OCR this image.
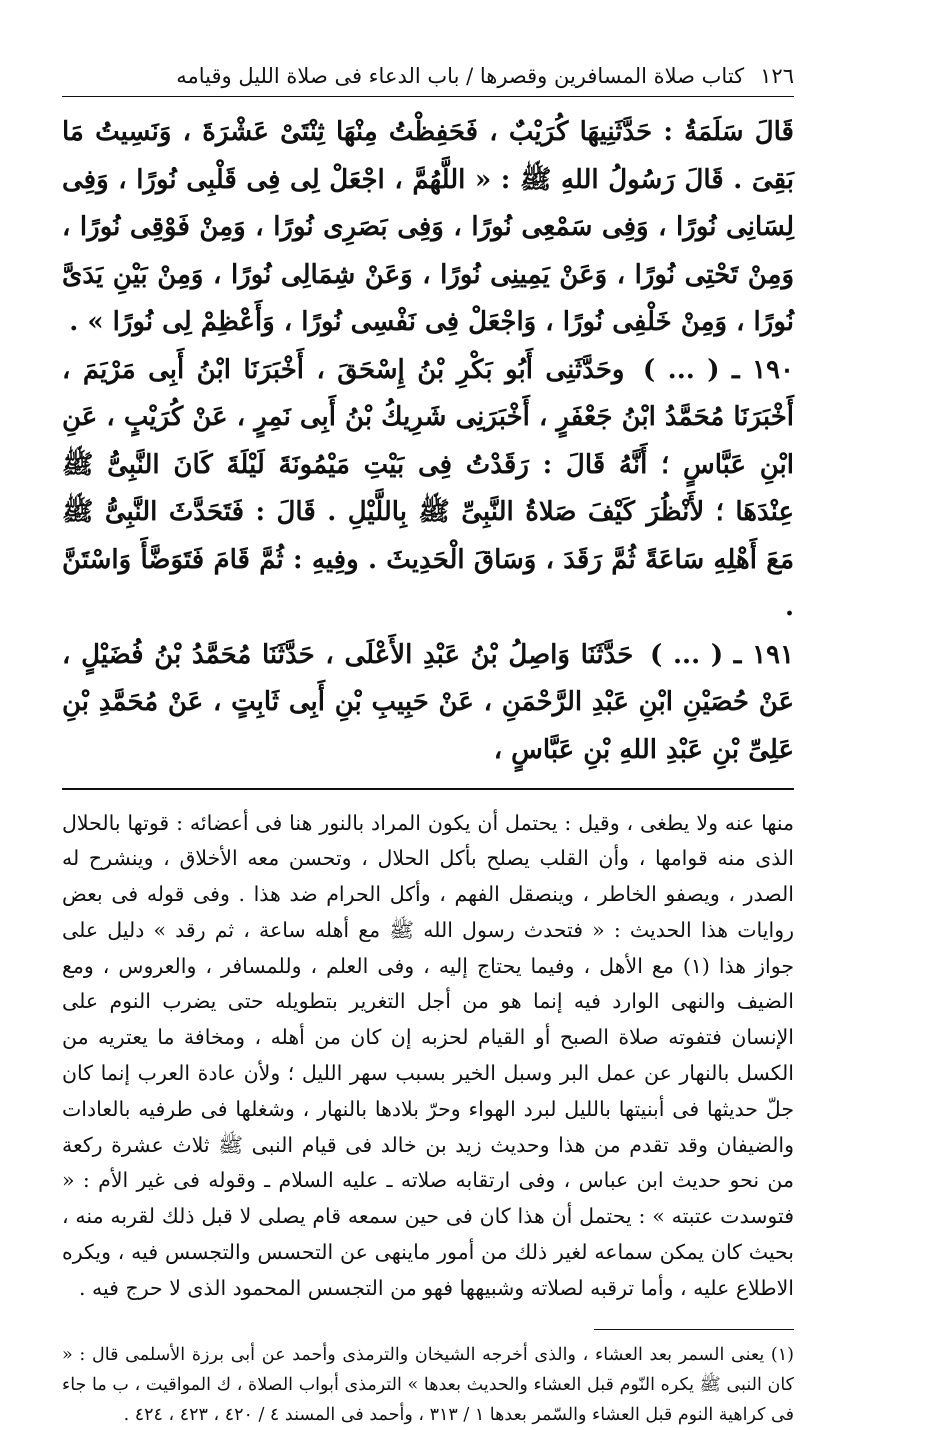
١٢٦
كتاب صلاة المسافرين وقصرها / باب الدعاء فى صلاة الليل وقيامه

قَالَ سَلَمَةُ : حَدَّثَنِيهَا كُرَيْبٌ ، فَحَفِظْتُ مِنْهَا ثِنْتَىْ عَشْرَةَ ، وَنَسِيتُ مَا بَقِىَ . قَالَ رَسُولُ اللهِ ﷺ : « اللَّهُمَّ ، اجْعَلْ لِى فِى قَلْبِى نُورًا ، وَفِى لِسَانِى نُورًا ، وَفِى سَمْعِى نُورًا ، وَفِى بَصَرِى نُورًا ، وَمِنْ فَوْقِى نُورًا ، وَمِنْ تَحْتِى نُورًا ، وَعَنْ يَمِينِى نُورًا ، وَعَنْ شِمَالِى نُورًا ، وَمِنْ بَيْنِ يَدَىَّ نُورًا ، وَمِنْ خَلْفِى نُورًا ، وَاجْعَلْ فِى نَفْسِى نُورًا ، وَأَعْظِمْ لِى نُورًا » .

١٩٠ ـ ( ... ) وحَدَّثَنِى أَبُو بَكْرِ بْنُ إِسْحَقَ ، أَخْبَرَنَا ابْنُ أَبِى مَرْيَمَ ، أَخْبَرَنَا مُحَمَّدُ ابْنُ جَعْفَرٍ ، أَخْبَرَنِى شَرِيكُ بْنُ أَبِى نَمِرٍ ، عَنْ كُرَيْبٍ ، عَنِ ابْنِ عَبَّاسٍ ؛ أَنَّهُ قَالَ : رَقَدْتُ فِى بَيْتِ مَيْمُونَةَ لَيْلَةَ كَانَ النَّبِىُّ ﷺ عِنْدَهَا ؛ لأَنْظُرَ كَيْفَ صَلاةُ النَّبِىِّ ﷺ بِاللَّيْلِ . قَالَ : فَتَحَدَّثَ النَّبِىُّ ﷺ مَعَ أَهْلِهِ سَاعَةً ثُمَّ رَقَدَ ، وَسَاقَ الْحَدِيثَ . وفِيهِ : ثُمَّ قَامَ فَتَوَضَّأَ وَاسْتَنَّ .

١٩١ ـ ( ... ) حَدَّثَنَا وَاصِلُ بْنُ عَبْدِ الأَعْلَى ، حَدَّثَنَا مُحَمَّدُ بْنُ فُضَيْلٍ ، عَنْ حُصَيْنِ ابْنِ عَبْدِ الرَّحْمَنِ ، عَنْ حَبِيبِ بْنِ أَبِى ثَابِتٍ ، عَنْ مُحَمَّدِ بْنِ عَلِىِّ بْنِ عَبْدِ اللهِ بْنِ عَبَّاسٍ ،

منها عنه ولا يطغى ، وقيل : يحتمل أن يكون المراد بالنور هنا فى أعضائه : قوتها بالحلال الذى منه قوامها ، وأن القلب يصلح بأكل الحلال ، وتحسن معه الأخلاق ، وينشرح له الصدر ، ويصفو الخاطر ، وينصقل الفهم ، وأكل الحرام ضد هذا . وفى قوله فى بعض روايات هذا الحديث : « فتحدث رسول الله ﷺ مع أهله ساعة ، ثم رقد » دليل على جواز هذا (١) مع الأهل ، وفيما يحتاج إليه ، وفى العلم ، وللمسافر ، والعروس ، ومع الضيف والنهى الوارد فيه إنما هو من أجل التغرير بتطويله حتى يضرب النوم على الإنسان فتفوته صلاة الصبح أو القيام لحزبه إن كان من أهله ، ومخافة ما يعتريه من الكسل بالنهار عن عمل البر وسبل الخير بسبب سهر الليل ؛ ولأن عادة العرب إنما كان جلّ حديثها فى أبنيتها بالليل لبرد الهواء وحرّ بلادها بالنهار ، وشغلها فى طرفيه بالعادات والضيفان وقد تقدم من هذا وحديث زيد بن خالد فى قيام النبى ﷺ ثلاث عشرة ركعة من نحو حديث ابن عباس ، وفى ارتقابه صلاته ـ عليه السلام ـ وقوله فى غير الأم : « فتوسدت عتبته » : يحتمل أن هذا كان فى حين سمعه قام يصلى لا قبل ذلك لقربه منه ، بحيث كان يمكن سماعه لغير ذلك من أمور ماينهى عن التحسس والتجسس فيه ، ويكره الاطلاع عليه ، وأما ترقبه لصلاته وشبيهها فهو من التجسس المحمود الذى لا حرج فيه .

(١) يعنى السمر بعد العشاء ، والذى أخرجه الشيخان والترمذى وأحمد عن أبى برزة الأسلمى قال : « كان النبى ﷺ يكره النّوم قبل العشاء والحديث بعدها » الترمذى أبواب الصلاة ، ك المواقيت ، ب ما جاء فى كراهية النوم قبل العشاء والسّمر بعدها ١ / ٣١٣ ، وأحمد فى المسند ٤ / ٤٢٠ ، ٤٢٣ ، ٤٢٤ .
